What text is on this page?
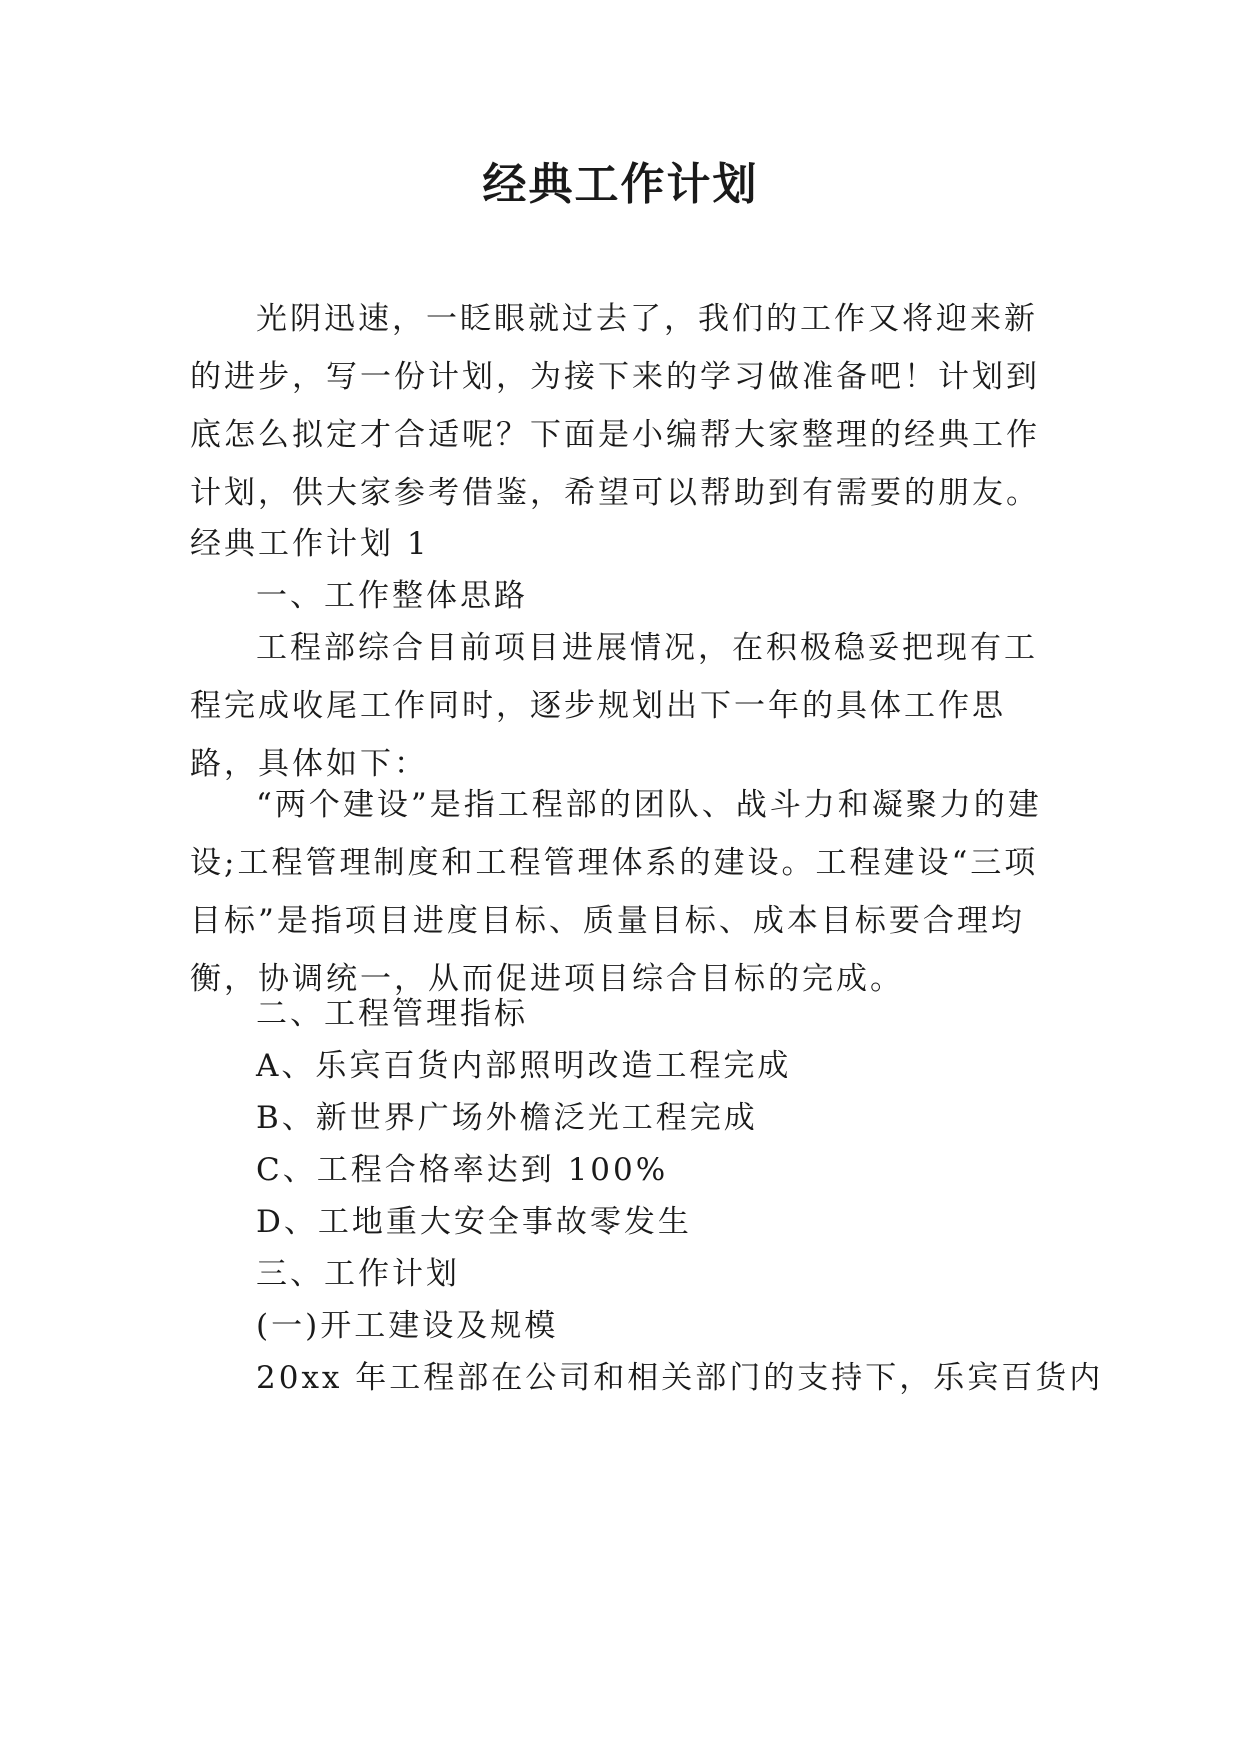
经典工作计划

光阴迅速，一眨眼就过去了，我们的工作又将迎来新的进步，写一份计划，为接下来的学习做准备吧！计划到底怎么拟定才合适呢？下面是小编帮大家整理的经典工作计划，供大家参考借鉴，希望可以帮助到有需要的朋友。

经典工作计划 1

一、工作整体思路

工程部综合目前项目进展情况，在积极稳妥把现有工程完成收尾工作同时，逐步规划出下一年的具体工作思路，具体如下：

“两个建设”是指工程部的团队、战斗力和凝聚力的建设;工程管理制度和工程管理体系的建设。工程建设“三项目标”是指项目进度目标、质量目标、成本目标要合理均衡，协调统一，从而促进项目综合目标的完成。

二、工程管理指标

A、乐宾百货内部照明改造工程完成

B、新世界广场外檐泛光工程完成

C、工程合格率达到 100%

D、工地重大安全事故零发生

三、工作计划

(一)开工建设及规模

20xx 年工程部在公司和相关部门的支持下，乐宾百货内
